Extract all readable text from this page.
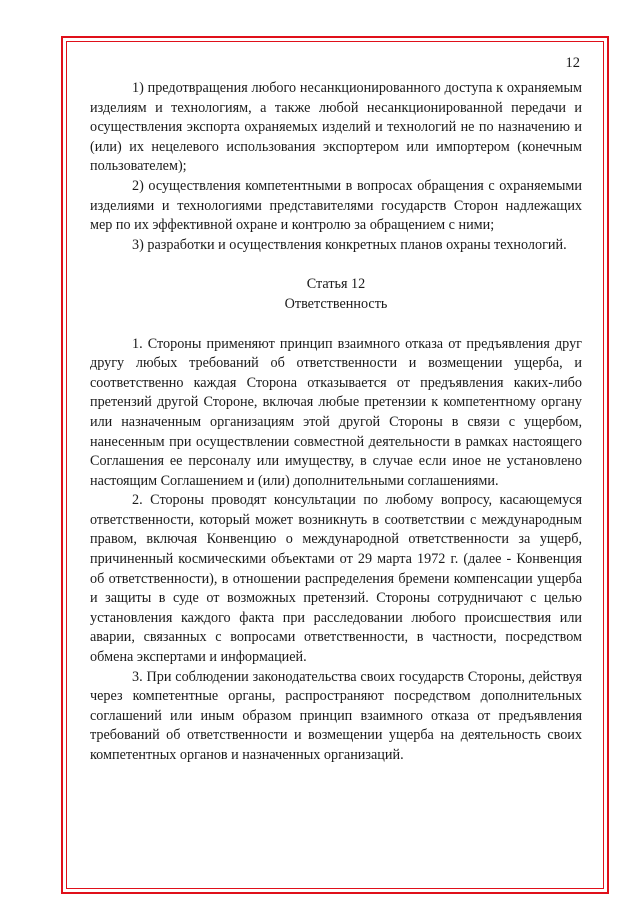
12

1) предотвращения любого несанкционированного доступа к охраняемым изделиям и технологиям, а также любой несанкционированной передачи и осуществления экспорта охраняемых изделий и технологий не по назначению и (или) их нецелевого использования экспортером или импортером (конечным пользователем);

2) осуществления компетентными в вопросах обращения с охраняемыми изделиями и технологиями представителями государств Сторон надлежащих мер по их эффективной охране и контролю за обращением с ними;

3) разработки и осуществления конкретных планов охраны технологий.

Статья 12
Ответственность

1. Стороны применяют принцип взаимного отказа от предъявления друг другу любых требований об ответственности и возмещении ущерба, и соответственно каждая Сторона отказывается от предъявления каких-либо претензий другой Стороне, включая любые претензии к компетентному органу или назначенным организациям этой другой Стороны в связи с ущербом, нанесенным при осуществлении совместной деятельности в рамках настоящего Соглашения ее персоналу или имуществу, в случае если иное не установлено настоящим Соглашением и (или) дополнительными соглашениями.

2. Стороны проводят консультации по любому вопросу, касающемуся ответственности, который может возникнуть в соответствии с международным правом, включая Конвенцию о международной ответственности за ущерб, причиненный космическими объектами от 29 марта 1972 г. (далее - Конвенция об ответственности), в отношении распределения бремени компенсации ущерба и защиты в суде от возможных претензий. Стороны сотрудничают с целью установления каждого факта при расследовании любого происшествия или аварии, связанных с вопросами ответственности, в частности, посредством обмена экспертами и информацией.

3. При соблюдении законодательства своих государств Стороны, действуя через компетентные органы, распространяют посредством дополнительных соглашений или иным образом принцип взаимного отказа от предъявления требований об ответственности и возмещении ущерба на деятельность своих компетентных органов и назначенных организаций.
